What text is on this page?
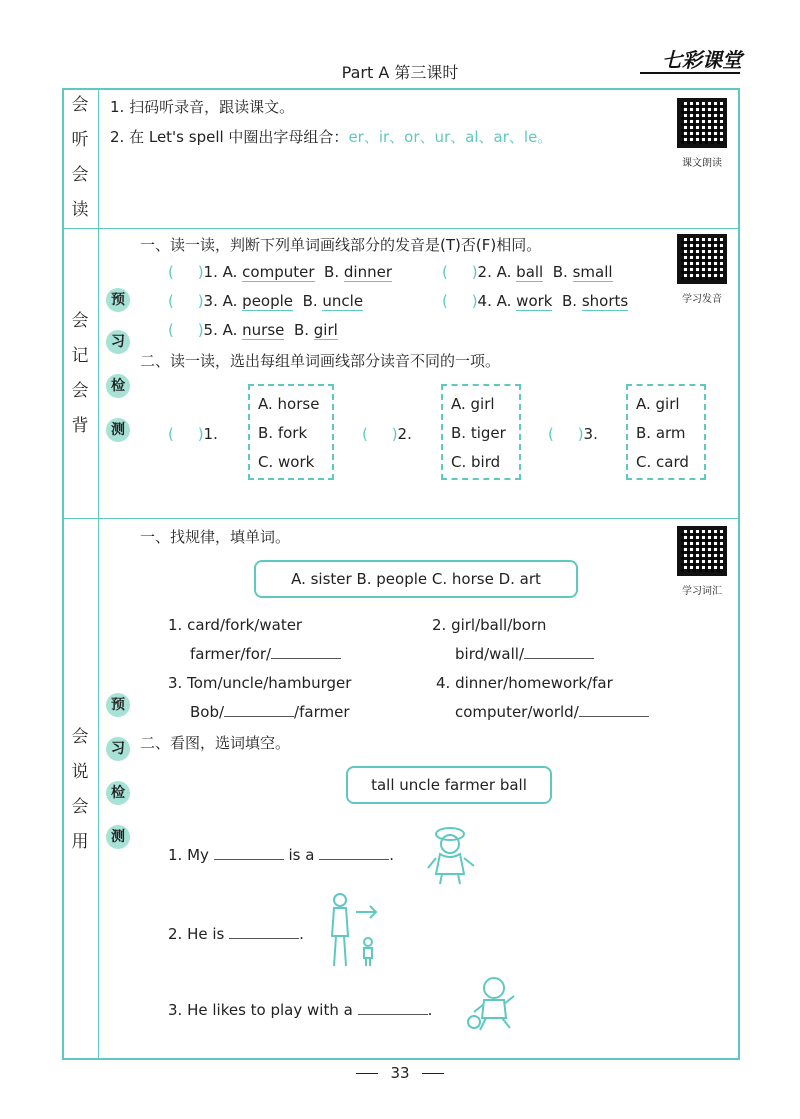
Part A 第三课时
七彩课堂
会
听
会
读
1. 扫码听录音，跟读课文。
2. 在 Let's spell 中圈出字母组合：er、ir、or、ur、al、ar、le。
课文朗读
会
记
会
背
预
习
检
测
一、读一读，判断下列单词画线部分的发音是(T)否(F)相同。
学习发音
(     )1. A. computer  B. dinner	(     )2. A. ball  B. small
(     )3. A. people  B. uncle	(     )4. A. work  B. shorts
(     )5. A. nurse  B. girl
二、读一读，选出每组单词画线部分读音不同的一项。
(     )1.
A. horse
B. fork
C. work
(     )2.
A. girl
B. tiger
C. bird
(     )3.
A. girl
B. arm
C. card
会
说
会
用
预
习
检
测
一、找规律，填单词。
学习词汇
A. sister B. people C. horse D. art
1. card/fork/water
farmer/for/
2. girl/ball/born
bird/wall/
3. Tom/uncle/hamburger
Bob/	/farmer
4. dinner/homework/far
computer/world/
二、看图，选词填空。
tall uncle farmer ball
1. My	is a	.
2. He is	.
3. He likes to play with a	.
33
